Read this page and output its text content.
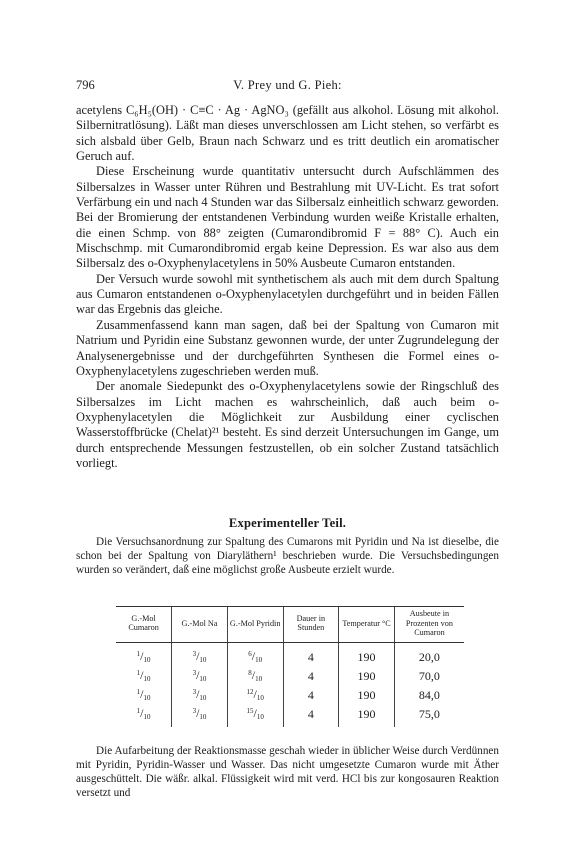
796	V. Prey und G. Pieh:

acetylens C₆H₅(OH) · C≡C · Ag · AgNO₃ (gefällt aus alkohol. Lösung mit alkohol. Silbernitratlösung). Läßt man dieses unverschlossen am Licht stehen, so verfärbt es sich alsbald über Gelb, Braun nach Schwarz und es tritt deutlich ein aromatischer Geruch auf.

Diese Erscheinung wurde quantitativ untersucht durch Aufschlämmen des Silbersalzes in Wasser unter Rühren und Bestrahlung mit UV-Licht. Es trat sofort Verfärbung ein und nach 4 Stunden war das Silbersalz einheitlich schwarz geworden. Bei der Bromierung der entstandenen Verbindung wurden weiße Kristalle erhalten, die einen Schmp. von 88° zeigten (Cumarondibromid F = 88° C). Auch ein Mischschmp. mit Cumarondibromid ergab keine Depression. Es war also aus dem Silbersalz des o-Oxyphenylacetylens in 50% Ausbeute Cumaron entstanden.

Der Versuch wurde sowohl mit synthetischem als auch mit dem durch Spaltung aus Cumaron entstandenen o-Oxyphenylacetylen durchgeführt und in beiden Fällen war das Ergebnis das gleiche.

Zusammenfassend kann man sagen, daß bei der Spaltung von Cumaron mit Natrium und Pyridin eine Substanz gewonnen wurde, der unter Zugrundelegung der Analysenergebnisse und der durchgeführten Synthesen die Formel eines o-Oxyphenylacetylens zugeschrieben werden muß.

Der anomale Siedepunkt des o-Oxyphenylacetylens sowie der Ringschluß des Silbersalzes im Licht machen es wahrscheinlich, daß auch beim o-Oxyphenylacetylen die Möglichkeit zur Ausbildung einer cyclischen Wasserstoffbrücke (Chelat)²¹ besteht. Es sind derzeit Untersuchungen im Gange, um durch entsprechende Messungen festzustellen, ob ein solcher Zustand tatsächlich vorliegt.

Experimenteller Teil.

Die Versuchsanordnung zur Spaltung des Cumarons mit Pyridin und Na ist dieselbe, die schon bei der Spaltung von Diaryläthern¹ beschrieben wurde. Die Versuchsbedingungen wurden so verändert, daß eine möglichst große Ausbeute erzielt wurde.

G.-Mol Cumaron	G.-Mol Na	G.-Mol Pyridin	Dauer in Stunden	Temperatur °C	Ausbeute in Prozenten von Cumaron
$^1/_{10}$	$^3/_{10}$	$^6/_{10}$	4	190	20,0
$^1/_{10}$	$^3/_{10}$	$^8/_{10}$	4	190	70,0
$^1/_{10}$	$^3/_{10}$	$^{12}/_{10}$	4	190	84,0
$^1/_{10}$	$^3/_{10}$	$^{15}/_{10}$	4	190	75,0

Die Aufarbeitung der Reaktionsmasse geschah wieder in üblicher Weise durch Verdünnen mit Pyridin, Pyridin-Wasser und Wasser. Das nicht umgesetzte Cumaron wurde mit Äther ausgeschüttelt. Die wäßr. alkal. Flüssigkeit wird mit verd. HCl bis zur kongosauren Reaktion versetzt und
